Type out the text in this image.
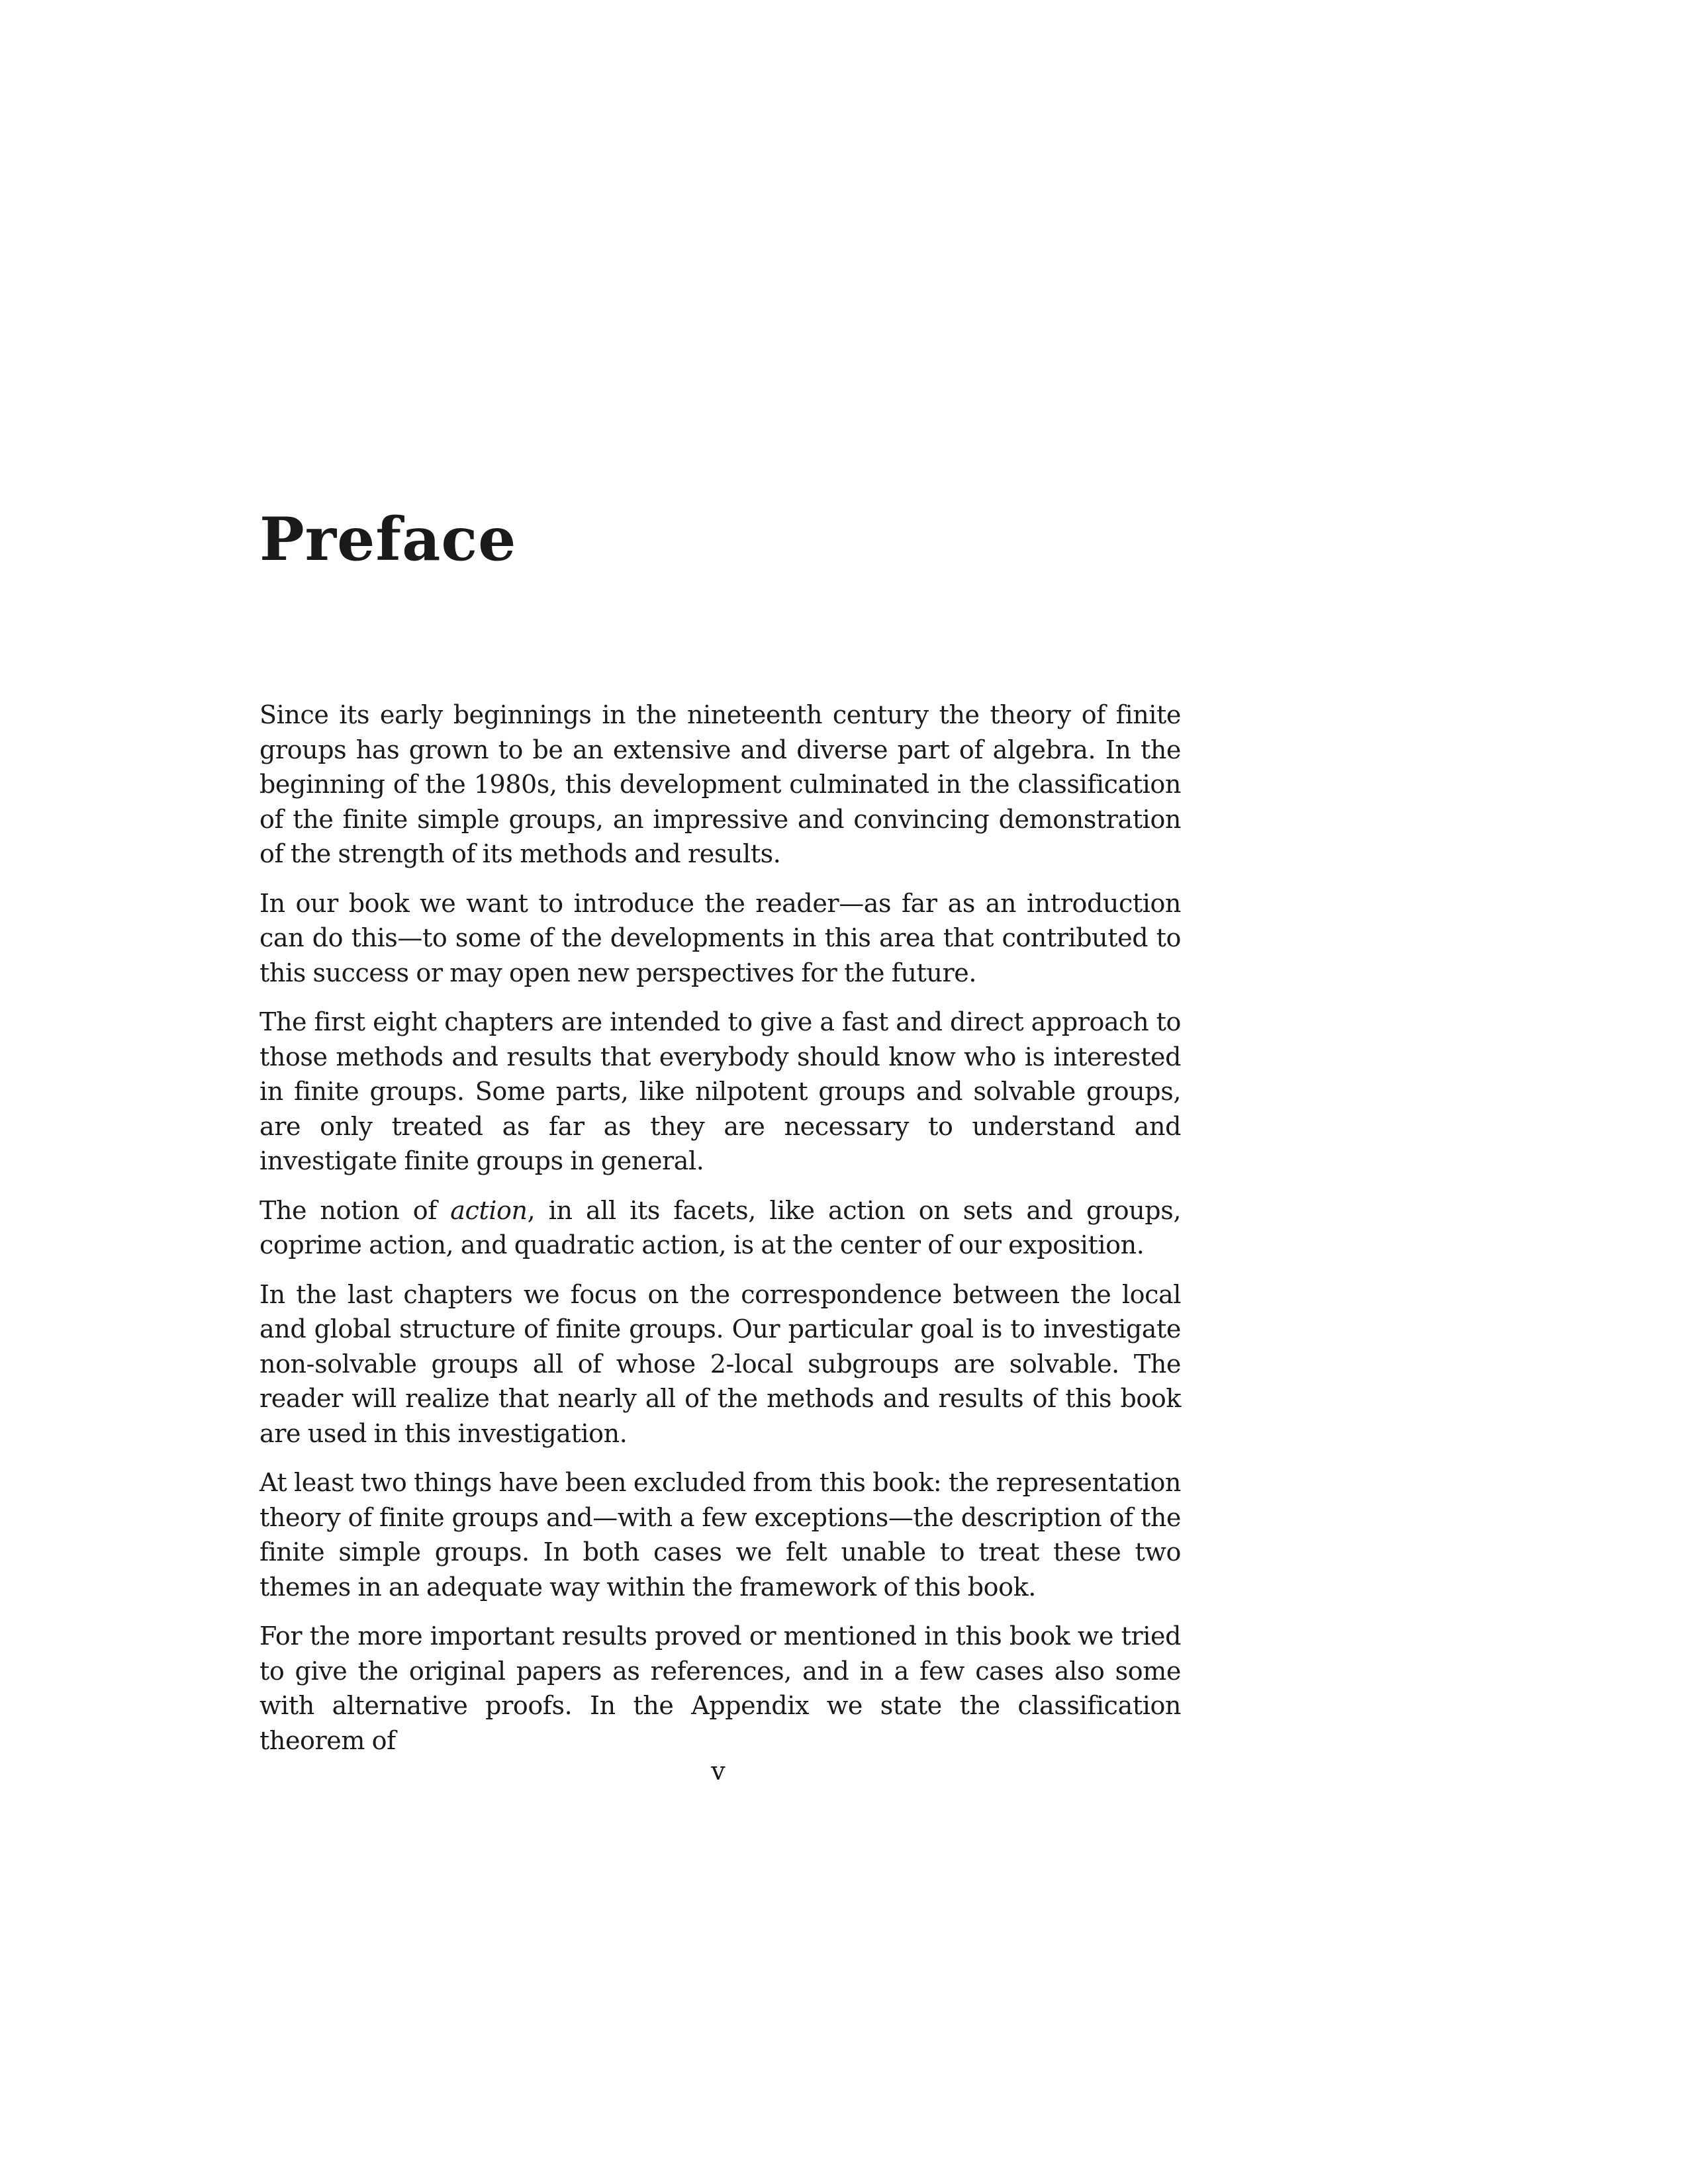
Preface

Since its early beginnings in the nineteenth century the theory of finite groups has grown to be an extensive and diverse part of algebra. In the beginning of the 1980s, this development culminated in the classification of the finite simple groups, an impressive and convincing demonstration of the strength of its methods and results.

In our book we want to introduce the reader—as far as an introduction can do this—to some of the developments in this area that contributed to this success or may open new perspectives for the future.

The first eight chapters are intended to give a fast and direct approach to those methods and results that everybody should know who is interested in finite groups. Some parts, like nilpotent groups and solvable groups, are only treated as far as they are necessary to understand and investigate finite groups in general.

The notion of action, in all its facets, like action on sets and groups, coprime action, and quadratic action, is at the center of our exposition.

In the last chapters we focus on the correspondence between the local and global structure of finite groups. Our particular goal is to investigate non-solvable groups all of whose 2-local subgroups are solvable. The reader will realize that nearly all of the methods and results of this book are used in this investigation.

At least two things have been excluded from this book: the representation theory of finite groups and—with a few exceptions—the description of the finite simple groups. In both cases we felt unable to treat these two themes in an adequate way within the framework of this book.

For the more important results proved or mentioned in this book we tried to give the original papers as references, and in a few cases also some with alternative proofs. In the Appendix we state the classification theorem of

v
